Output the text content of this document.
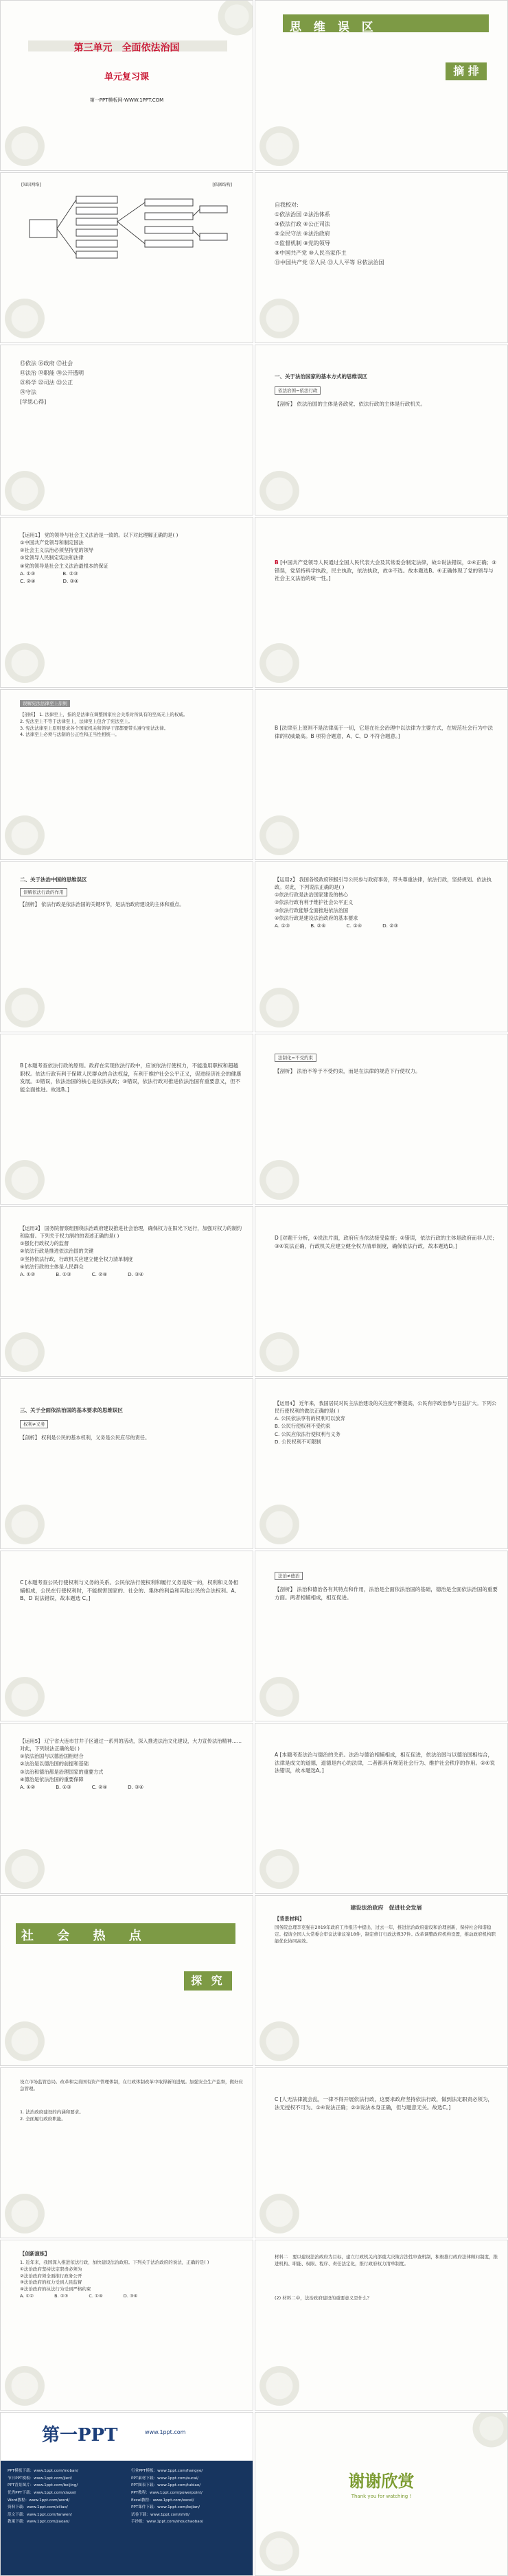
第三单元　全面依法治国
单元复习课
第一PPT模板网-WWW.1PPT.COM
思 维 误 区
摘 排
[知识网络]	[依据结构]
自我校对:
①依法治国 ②法治体系
③依法行政 ④公正司法
⑤全民守法 ⑥法治政府
⑦监督机制 ⑧党的领导
⑨中国共产党 ⑩人民当家作主
⑪中国共产党 ⑫人民 ⑬人人平等 ⑭依法治国
⑮依法 ⑯政府 ⑰社会
⑱法治 ⑲职能 ⑳公开透明
㉑科学 ㉒司法 ㉓公正
㉔守法
[学思心得]
一、关于法治国家的基本方式的思维误区
依法治国=依法行政
【剖析】 依法治国的主体是各政党、依法行政的主体是行政机关。
【运用1】 党的领导与社会主义法治是一致的。以下对此理解正确的是( )
①中国共产党领导和制定国法
②社会主义法治必须坚持党的领导
③党领导人民制定宪法和法律
④党的领导是社会主义法治最根本的保证
A. ①③	B. ②③
C. ②④	D. ③④
B [中国共产党领导人民通过全国人民代表大会及其常委会制定法律，故①说法错误，②④正确；③错误，党坚持科学执政，民主执政，依法执政，故③不选。故本题选B。④正确体现了党的领导与社会主义法治的统一性。]
误解宪法法律至上原则
【剖析】 1. 法律至上，指的是法律在调整国家社会关系时所具有的至高无上的权威。
2. 宪法至上不等于法律至上，法律至上包含了宪法至上。
3. 宪法法律至上原则要求各个国家机关和领导干部都要带头遵守宪法法律。
4. 法律至上必须与法制的公正性和正当性相统一。
B [法律至上原则不是法律高于一切，它是在社会治理中以法律为主要方式，在规范社会行为中法律的权威最高。B 项符合题意，A、C、D 不符合题意。]
二、关于法治中国的思维误区
误解依法行政的作用
【剖析】 依法行政是依法治国的关键环节，是法治政府建设的主体和重点。
【运用2】 我国各级政府积极引导公民参与政府事务，带头尊重法律，依法行政，坚持规划、依法执政。对此，下列说法正确的是( )
①依法行政是法治国家建设的核心
②依法行政有利于维护社会公平正义
③依法行政能够全面推进依法治国
④依法行政是建设法治政府的基本要求
A. ①③	B. ②④	C. ①④	D. ②③
B [本题考查依法行政的原则。政府在实现依法行政中，应该依法行使权力，不能滥用职权和超越职权。依法行政有利于保障人民群众的合法权益，有利于维护社会公平正义，促进经济社会的健康发展。①错误，依法治国的核心是依法执政；③错误，依法行政对推进依法治国有重要意义，但不能全面推进。故选B。]
法制化=不受约束
【剖析】 法治不等于不受约束，而是在法律的规范下行使权力。
【运用3】 国务院督察组围绕法治政府建设推进社会治理，确保权力在阳光下运行，加强对权力的制约和监督。下列关于权力制约的表述正确的是( )
①强化行政权力的监督
②依法行政是推进依法治国的关键
③坚持依法行政，行政机关应建立健全权力清单制度
④依法行政的主体是人民群众
A. ①②	B. ①③	C. ②④	D. ③④
D [对题干分析，①说法片面，政府应当依法接受监督；②错误，依法行政的主体是政府而非人民；③④说法正确，行政机关应建立健全权力清单制度，确保依法行政，故本题选D。]
三、关于全面依法治国的基本要求的思维误区
权利≠义务
【剖析】 权利是公民的基本权利，义务是公民应尽的责任。
【运用4】 近年来，我国居民对民主法治建设的关注度不断提高，公民有序政治参与日益扩大。下列公民行使权利的做法正确的是( )
A. 公民依法享有的权利可以放弃
B. 公民行使权利不受约束
C. 公民应依法行使权利与义务
D. 公民权利不可限制
C [本题考查公民行使权利与义务的关系。公民依法行使权利和履行义务是统一的，权利和义务相辅相成，公民在行使权利时，不能损害国家的、社会的、集体的利益和其他公民的合法权利。A、B、D 说法错误，故本题选 C。]
法治≠德治
【剖析】 法治和德治各有其特点和作用，法治是全面依法治国的基础，德治是全面依法治国的重要方面。两者相辅相成，相互促进。
【运用5】 辽宁省大连市甘井子区通过一系列的活动，深入推进法治文化建设，大力宣传法治精神……对此，下列说法正确的是( )
①依法治国与以德治国相结合
②法治是以德治国的前提和基础
③法治和德治都是治理国家的重要方式
④德治是依法治国的重要保障
A. ①②	B. ①③	C. ②④	D. ③④
A [本题考查法治与德治的关系。法治与德治相辅相成，相互促进，依法治国与以德治国相结合，法律是成文的道德，道德是内心的法律，二者都具有规范社会行为、维护社会秩序的作用。②④说法错误，故本题选A。]
社 会 热 点
探 究
建设法治政府　促进社会发展
【背景材料】
国务院总理李克强在2019年政府工作报告中提出，过去一年，推进法治政府建设和治理创新，保持社会和谐稳定。提请全国人大常委会审议法律议案18件，制定修订行政法规37件。改革调整政府机构设置，推动政府机构职能优化协同高效。
设立市场监管总局。改革和完善国有资产管理体制，在行政体制改革中取得新的进展。加强安全生产监督，做好应急管理。
1. 法治政府建设的内涵和要求。
2. 全面履行政府职能。
C [人无法律就会乱，一律不得开展依法行政，这要求政府坚持依法行政，做到法定职责必须为，法无授权不可为。①④说法正确；②③说法本身正确，但与题意无关。故选C。]
【创新演练】
1. 近年来，我国深入推进依法行政，加快建设法治政府。下列关于法治政府的说法，正确的是( )
①法治政府坚持法定职责必须为
②法治政府须全面推行政务公开
③法治政府的权力受到人民监督
④法治政府的执法行为受到严格约束
A. ①②	B. ②③	C. ①④	D. ③④
材料二　要以建设法治政府为目标，建立行政机关内部重大决策合法性审查机制，积极推行政府法律顾问制度，推进机构、职能、权限、程序、责任法定化，推行政府权力清单制度。
(2) 材料二中，法治政府建设的重要意义是什么？
第一PPT	www.1ppt.com
PPT模板下载：www.1ppt.com/moban/
节日PPT模板：www.1ppt.com/jieri/
PPT背景图片：www.1ppt.com/beijing/
优秀PPT下载：www.1ppt.com/xiazai/
Word教程：www.1ppt.com/word/
资料下载：www.1ppt.com/ziliao/
范文下载：www.1ppt.com/fanwen/
教案下载：www.1ppt.com/jiaoan/
行业PPT模板：www.1ppt.com/hangye/
PPT素材下载：www.1ppt.com/sucai/
PPT图表下载：www.1ppt.com/tubiao/
PPT教程：www.1ppt.com/powerpoint/
Excel教程：www.1ppt.com/excel/
PPT课件下载：www.1ppt.com/kejian/
试卷下载：www.1ppt.com/shiti/
手抄报：www.1ppt.com/shouchaobao/
谢谢欣赏
Thank you for watching !
